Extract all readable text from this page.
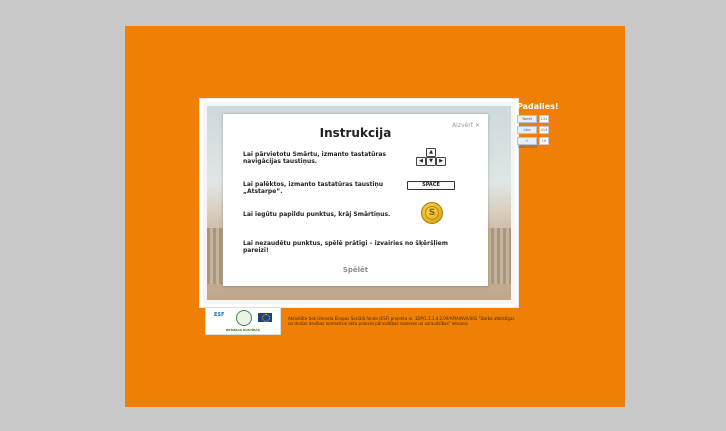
Instrukcija
Aizvērt ✕
Lai pārvietotu Smārtu, izmanto tastatūras navigācijas taustiņus.
▲
◀	▼	▶
Lai palēktos, izmanto tastatūras taustiņu „Atstarpe”.
SPACE
Lai iegūtu papildu punktus, krāj Smārtiņus.	S
Lai nezaudētu punktus, spēlē prātīgi – izvairies no šķēršļiem pareizi!
Spēlēt
Padalies!
Tweet	131
Like	414
+ DRAUGIEM
10
ESF
BRĪVĪBAS KUSTĪBAS
Aktivitāte tiek īstenota Eiropas Sociālā fonda (ESF) projekta nr. 1DP/1.3.1.4.2.09/APIA/NVA/001 "Darba atbilstīgas un drošas devības normatīvie akta prakses pārvaldības rezerves un uzraudzības" ietvaros
